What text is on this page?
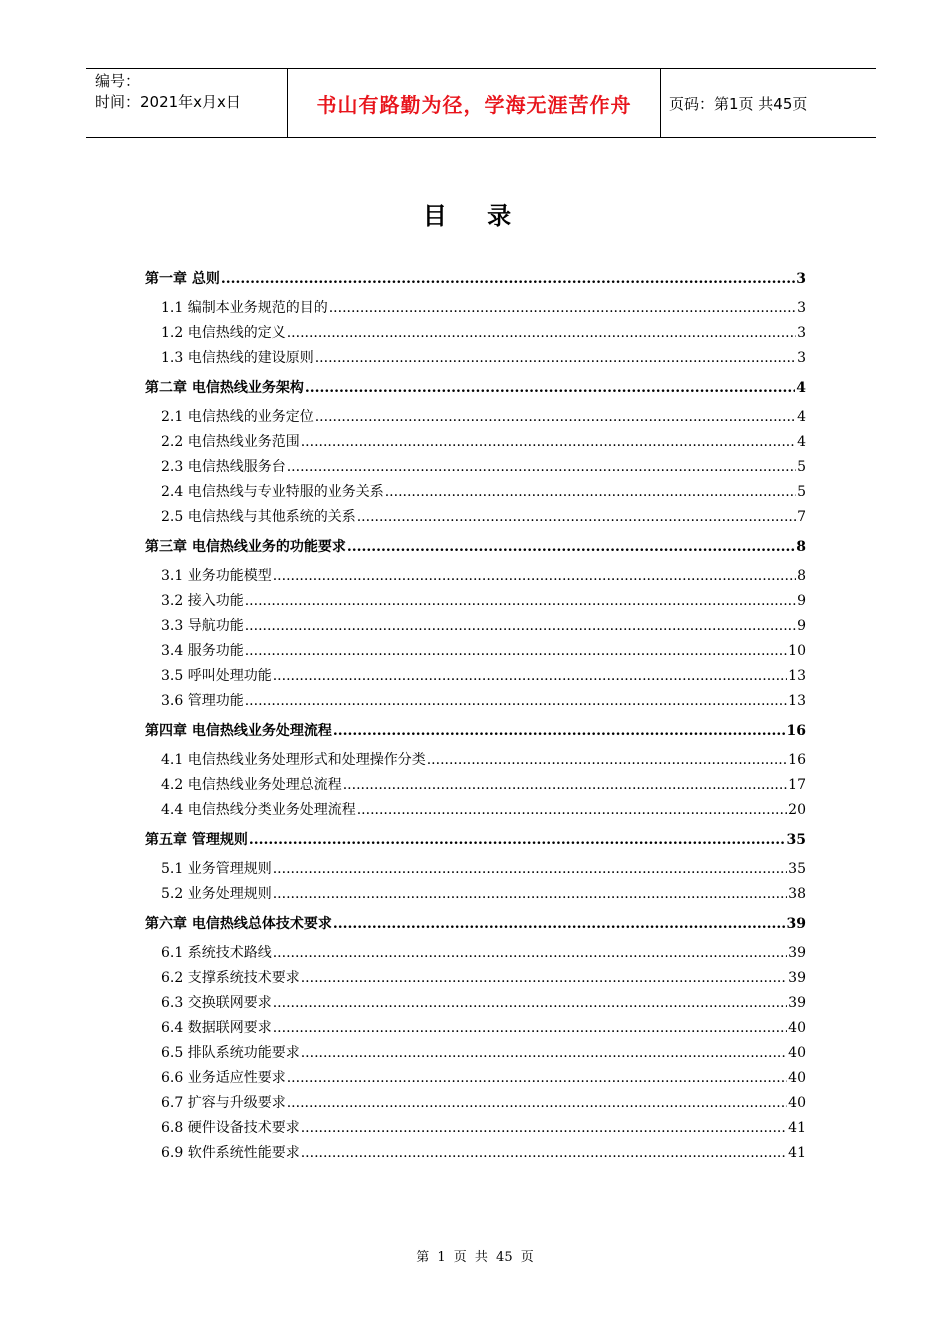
编号：
时间：2021年x月x日	书山有路勤为径，学海无涯苦作舟	页码：第1页 共45页
目 录
第一章 总则 .....	3
1.1 编制本业务规范的目的 .....	3
1.2 电信热线的定义 .....	3
1.3 电信热线的建设原则 .....	3
第二章 电信热线业务架构 .....	4
2.1 电信热线的业务定位 .....	4
2.2 电信热线业务范围 .....	4
2.3 电信热线服务台 .....	5
2.4 电信热线与专业特服的业务关系 .....	5
2.5 电信热线与其他系统的关系 .....	7
第三章 电信热线业务的功能要求 .....	8
3.1 业务功能模型 .....	8
3.2 接入功能 .....	9
3.3 导航功能 .....	9
3.4 服务功能 .....	10
3.5 呼叫处理功能 .....	13
3.6 管理功能 .....	13
第四章 电信热线业务处理流程 .....	16
4.1 电信热线业务处理形式和处理操作分类 .....	16
4.2 电信热线业务处理总流程 .....	17
4.4 电信热线分类业务处理流程 .....	20
第五章 管理规则 .....	35
5.1 业务管理规则 .....	35
5.2 业务处理规则 .....	38
第六章 电信热线总体技术要求 .....	39
6.1 系统技术路线 .....	39
6.2 支撑系统技术要求 .....	39
6.3 交换联网要求 .....	39
6.4 数据联网要求 .....	40
6.5 排队系统功能要求 .....	40
6.6 业务适应性要求 .....	40
6.7 扩容与升级要求 .....	40
6.8 硬件设备技术要求 .....	41
6.9 软件系统性能要求 .....	41
第 1 页 共 45 页
